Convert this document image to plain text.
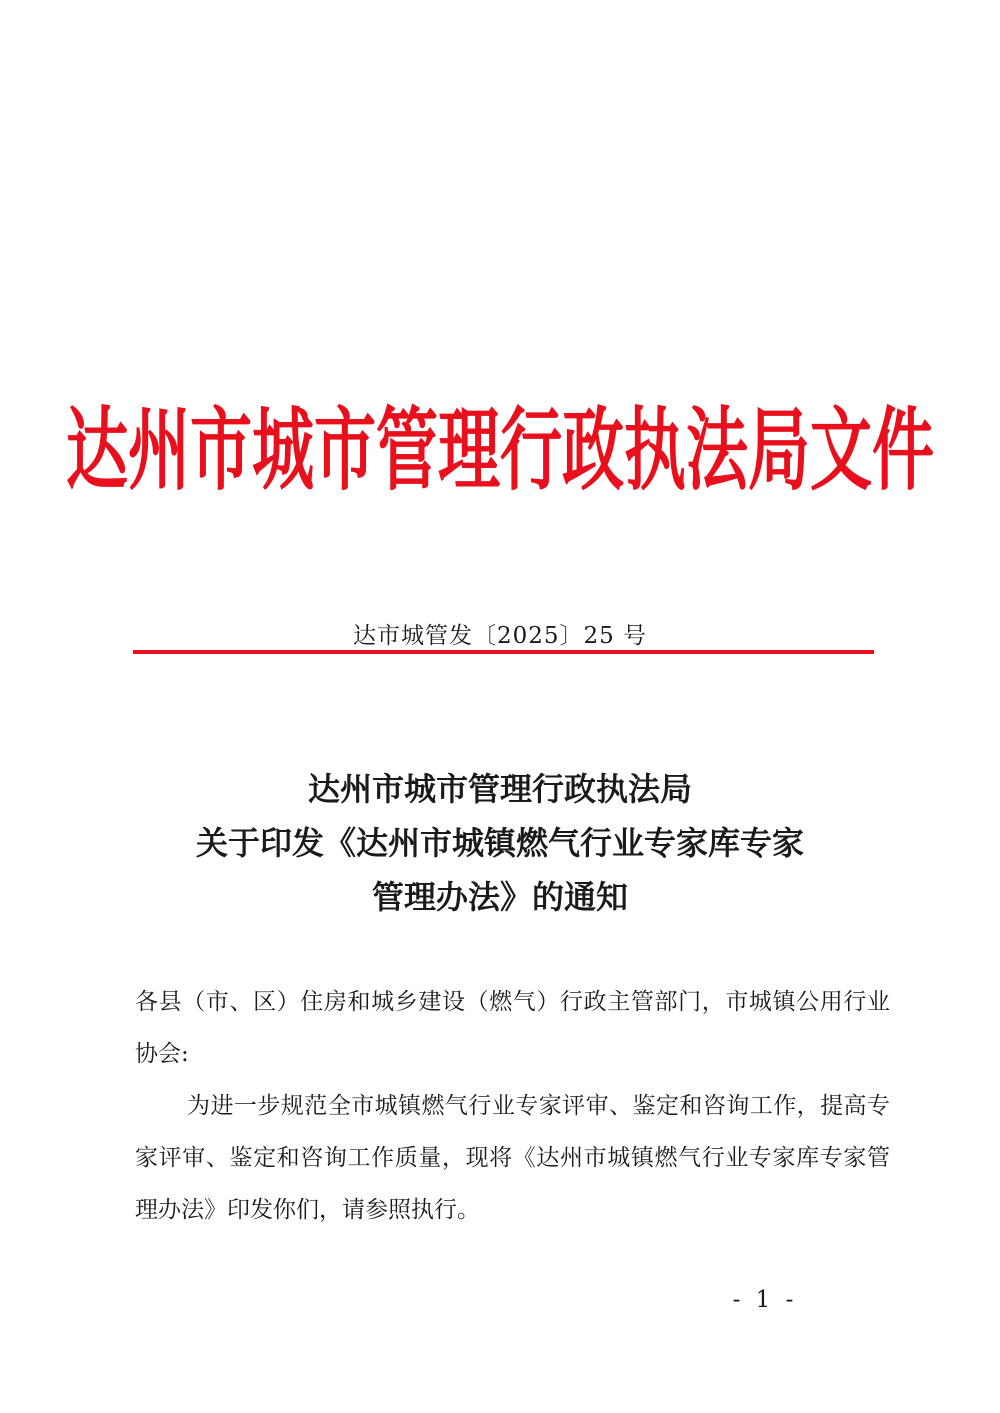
达州市城市管理行政执法局文件
达市城管发〔2025〕25 号
达州市城市管理行政执法局
关于印发《达州市城镇燃气行业专家库专家
管理办法》的通知

各县（市、区）住房和城乡建设（燃气）行政主管部门，市城镇公用行业协会:

为进一步规范全市城镇燃气行业专家评审、鉴定和咨询工作，提高专家评审、鉴定和咨询工作质量，现将《达州市城镇燃气行业专家库专家管理办法》印发你们，请参照执行。

- 1 -
